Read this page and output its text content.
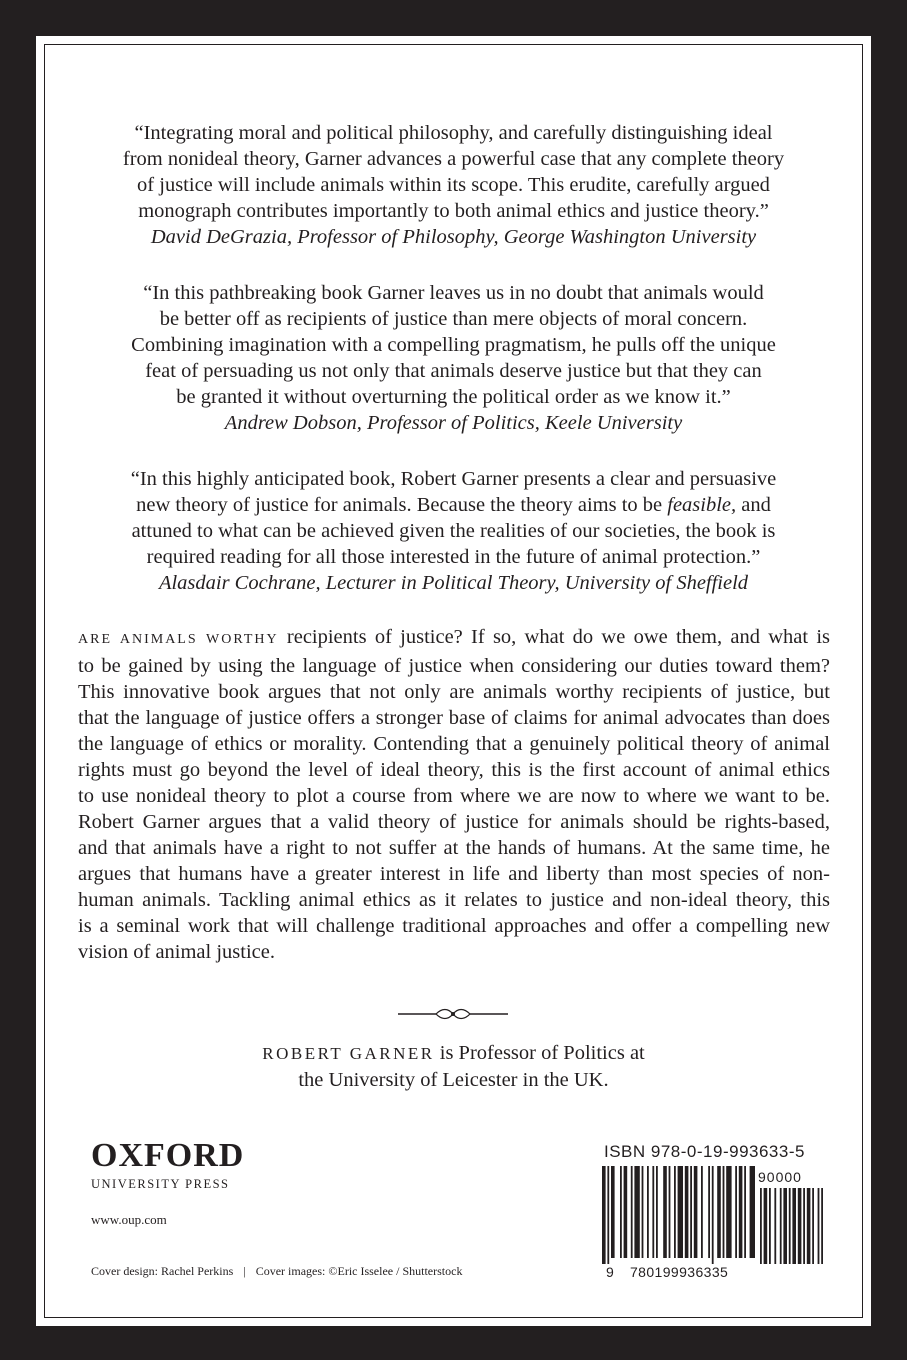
“Integrating moral and political philosophy, and carefully distinguishing ideal
from nonideal theory, Garner advances a powerful case that any complete theory
of justice will include animals within its scope. This erudite, carefully argued
monograph contributes importantly to both animal ethics and justice theory.”
David DeGrazia, Professor of Philosophy, George Washington University
“In this pathbreaking book Garner leaves us in no doubt that animals would
be better off as recipients of justice than mere objects of moral concern.
Combining imagination with a compelling pragmatism, he pulls off the unique
feat of persuading us not only that animals deserve justice but that they can
be granted it without overturning the political order as we know it.”
Andrew Dobson, Professor of Politics, Keele University
“In this highly anticipated book, Robert Garner presents a clear and persuasive
new theory of justice for animals. Because the theory aims to be feasible, and
attuned to what can be achieved given the realities of our societies, the book is
required reading for all those interested in the future of animal protection.”
Alasdair Cochrane, Lecturer in Political Theory, University of Sheffield
ARE ANIMALS WORTHY recipients of justice? If so, what do we owe them, and what is
to be gained by using the language of justice when considering our duties toward them?
This innovative book argues that not only are animals worthy recipients of justice, but
that the language of justice offers a stronger base of claims for animal advocates than does
the language of ethics or morality. Contending that a genuinely political theory of animal
rights must go beyond the level of ideal theory, this is the first account of animal ethics
to use nonideal theory to plot a course from where we are now to where we want to be.
Robert Garner argues that a valid theory of justice for animals should be rights-based,
and that animals have a right to not suffer at the hands of humans. At the same time, he
argues that humans have a greater interest in life and liberty than most species of non-
human animals. Tackling animal ethics as it relates to justice and non-ideal theory, this
is a seminal work that will challenge traditional approaches and offer a compelling new
vision of animal justice.
ROBERT GARNER is Professor of Politics at
the University of Leicester in the UK.
OXFORD
UNIVERSITY PRESS
www.oup.com
Cover design: Rachel Perkins | Cover images: ©Eric Isselee / Shutterstock
ISBN 978-0-19-993633-5
90000
9 780199936335
